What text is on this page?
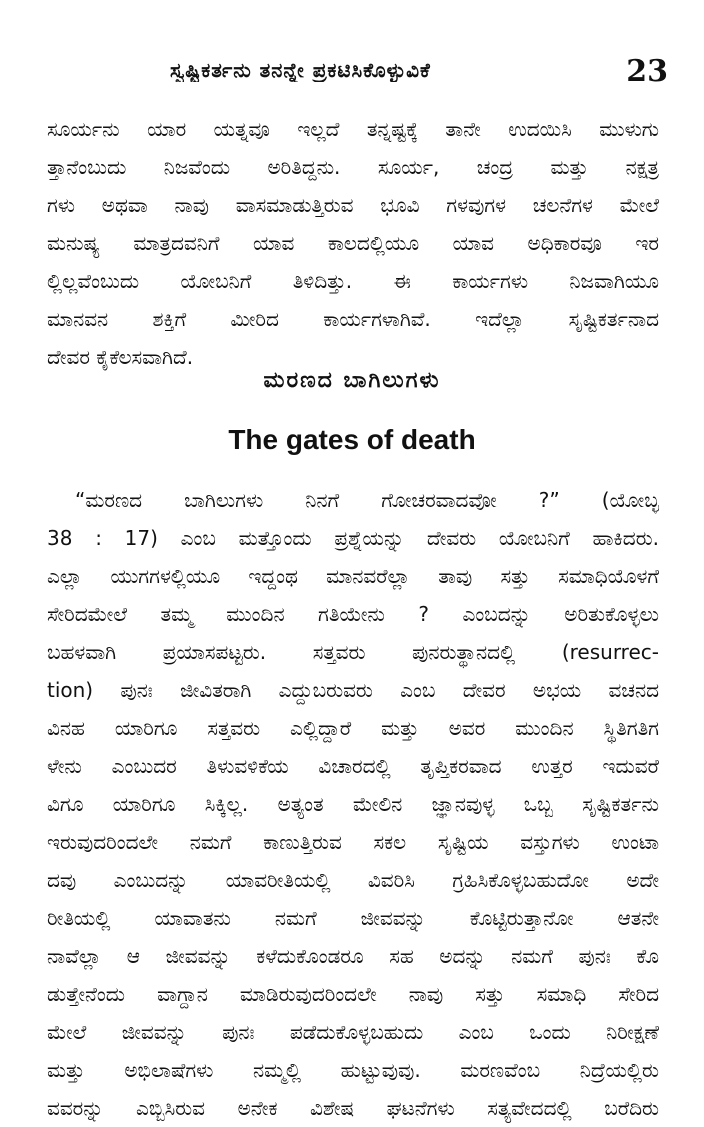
ಸ್ವಷ್ಟಿಕರ್ತನು ತನನ್ನೇ ಪ್ರಕಟಿಸಿಕೊಳ್ಳುವಿಕೆ	23
ಸೂರ್ಯನು ಯಾರ ಯತ್ನವೂ ಇಲ್ಲದೆ ತನ್ನಷ್ಟಕ್ಕೆ ತಾನೇ ಉದಯಿಸಿ ಮುಳುಗು
ತ್ತಾನೆಂಬುದು ನಿಜವೆಂದು ಅರಿತಿದ್ದನು. ಸೂರ್ಯ, ಚಂದ್ರ ಮತ್ತು ನಕ್ಷತ್ರ
ಗಳು ಅಥವಾ ನಾವು ವಾಸಮಾಡುತ್ತಿರುವ ಭೂವಿ ಗಳವುಗಳ ಚಲನೆಗಳ ಮೇಲೆ
ಮನುಷ್ಯ ಮಾತ್ರದವನಿಗೆ ಯಾವ ಕಾಲದಲ್ಲಿಯೂ ಯಾವ ಅಧಿಕಾರವೂ ಇರ
ಲ್ಲಿಲ್ಲವೆಂಬುದು ಯೋಬನಿಗೆ ತಿಳಿದಿತ್ತು. ಈ ಕಾರ್ಯಗಳು ನಿಜವಾಗಿಯೂ
ಮಾನವನ ಶಕ್ತಿಗೆ ಮೀರಿದ ಕಾರ್ಯಗಳಾಗಿವೆ. ಇದೆಲ್ಲಾ ಸೃಷ್ಟಿಕರ್ತನಾದ
ದೇವರ ಕೈಕೆಲಸವಾಗಿದೆ.
ಮರಣದ ಬಾಗಿಲುಗಳು
The gates of death
“ಮರಣದ ಬಾಗಿಲುಗಳು ನಿನಗೆ ಗೋಚರವಾದವೋ ?” (ಯೋಬ್ಳ
38 : 17) ಎಂಬ ಮತ್ತೊಂದು ಪ್ರಶ್ನೆಯನ್ನು ದೇವರು ಯೋಬನಿಗೆ ಹಾಕಿದರು.
ಎಲ್ಲಾ ಯುಗಗಳಲ್ಲಿಯೂ ಇದ್ದಂಥ ಮಾನವರೆಲ್ಲಾ ತಾವು ಸತ್ತು ಸಮಾಧಿಯೊಳಗೆ
ಸೇರಿದಮೇಲೆ ತಮ್ಮ ಮುಂದಿನ ಗತಿಯೇನು ? ಎಂಬದನ್ನು ಅರಿತುಕೊಳ್ಳಲು
ಬಹಳವಾಗಿ ಪ್ರಯಾಸಪಟ್ಟರು. ಸತ್ತವರು ಪುನರುತ್ಥಾನದಲ್ಲಿ (resurrec-
tion) ಪುನಃ ಜೀವಿತರಾಗಿ ಎದ್ದುಬರುವರು ಎಂಬ ದೇವರ ಅಭಯ ವಚನದ
ವಿನಹ ಯಾರಿಗೂ ಸತ್ತವರು ಎಲ್ಲಿದ್ದಾರೆ ಮತ್ತು ಅವರ ಮುಂದಿನ ಸ್ಥಿತಿಗತಿಗ
ಳೇನು ಎಂಬುದರ ತಿಳುವಳಿಕೆಯ ವಿಚಾರದಲ್ಲಿ ತೃಪ್ತಿಕರವಾದ ಉತ್ತರ ಇದುವರೆ
ವಿಗೂ ಯಾರಿಗೂ ಸಿಕ್ಕಿಲ್ಲ. ಅತ್ಯಂತ ಮೇಲಿನ ಜ್ಞಾನವುಳ್ಳ ಒಬ್ಬ ಸೃಷ್ಟಿಕರ್ತನು
ಇರುವುದರಿಂದಲೇ ನಮಗೆ ಕಾಣುತ್ತಿರುವ ಸಕಲ ಸೃಷ್ಟಿಯ ವಸ್ತುಗಳು ಉಂಟಾ
ದವು ಎಂಬುದನ್ನು ಯಾವರೀತಿಯಲ್ಲಿ ವಿವರಿಸಿ ಗ್ರಹಿಸಿಕೊಳ್ಳಬಹುದೋ ಅದೇ
ರೀತಿಯಲ್ಲಿ ಯಾವಾತನು ನಮಗೆ ಜೀವವನ್ನು ಕೊಟ್ಟಿರುತ್ತಾನೋ ಆತನೇ
ನಾವೆಲ್ಲಾ ಆ ಜೀವವನ್ನು ಕಳೆದುಕೊಂಡರೂ ಸಹ ಅದನ್ನು ನಮಗೆ ಪುನಃ ಕೊ
ಡುತ್ತೇನೆಂದು ವಾಗ್ದಾನ ಮಾಡಿರುವುದರಿಂದಲೇ ನಾವು ಸತ್ತು ಸಮಾಧಿ ಸೇರಿದ
ಮೇಲೆ ಜೀವವನ್ನು ಪುನಃ ಪಡೆದುಕೊಳ್ಳಬಹುದು ಎಂಬ ಒಂದು ನಿರೀಕ್ಷಣೆ
ಮತ್ತು ಅಭಿಲಾಷೆಗಳು ನಮ್ಮಲ್ಲಿ ಹುಟ್ಟುವುವು. ಮರಣವೆಂಬ ನಿದ್ರೆಯಲ್ಲಿರು
ವವರನ್ನು ಎಬ್ಬಿಸಿರುವ ಅನೇಕ ವಿಶೇಷ ಘಟನೆಗಳು ಸತ್ಯವೇದದಲ್ಲಿ ಬರೆದಿರು
